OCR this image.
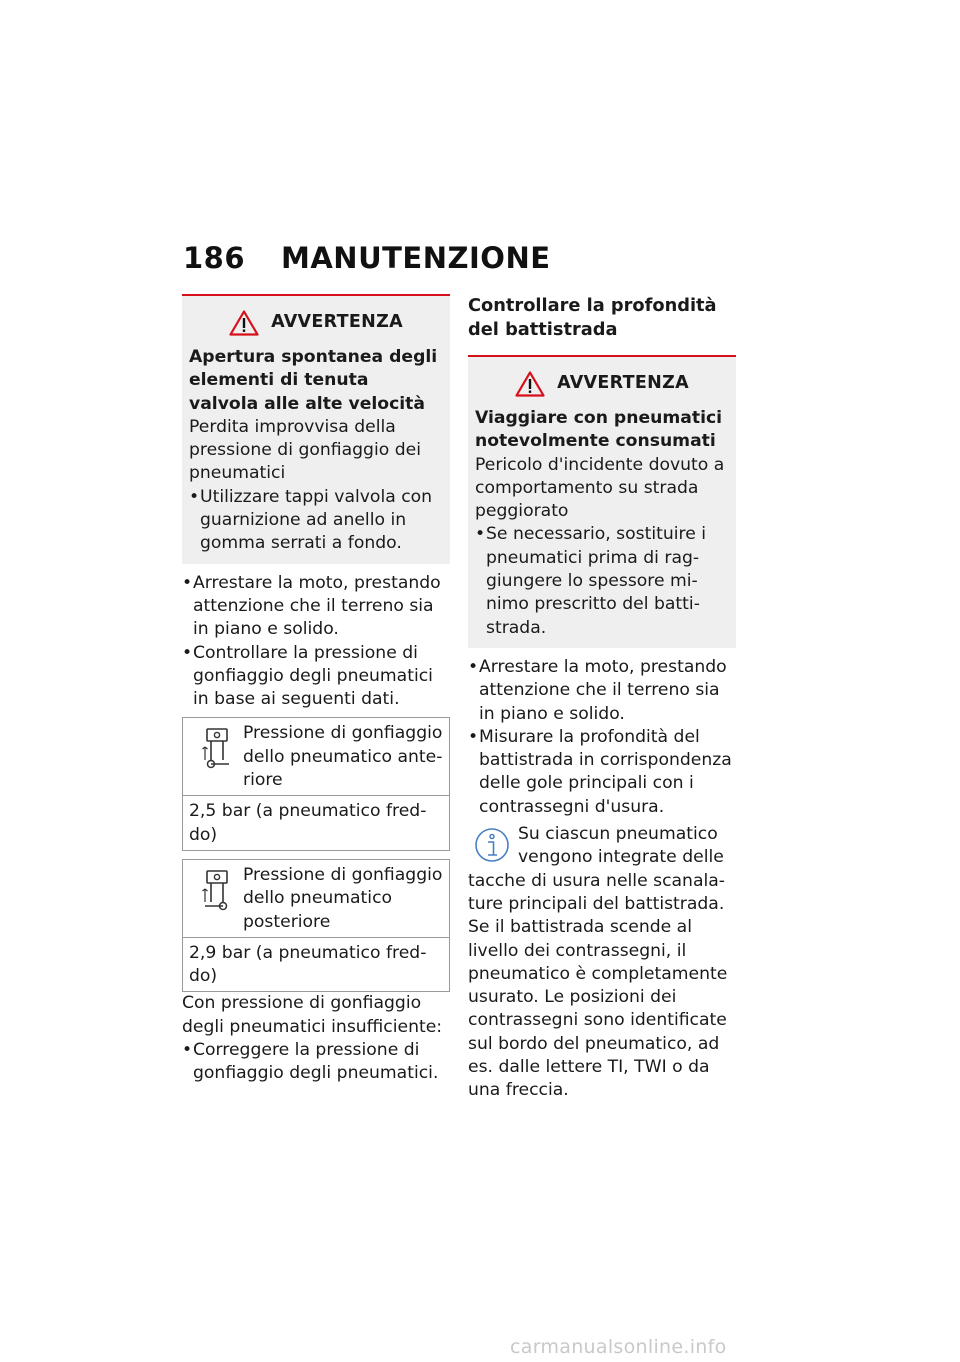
186 MANUTENZIONE
AVVERTENZA
Apertura spontanea degli elementi di tenuta valvola alle alte velocità
Perdita improvvisa della pressione di gonfiaggio dei pneumatici
• Utilizzare tappi valvola con guarnizione ad anello in gomma serrati a fondo.
• Arrestare la moto, prestando attenzione che il terreno sia in piano e solido.
• Controllare la pressione di gonfiaggio degli pneumatici in base ai seguenti dati.
Pressione di gonfiaggio dello pneumatico anteriore
2,5 bar (a pneumatico freddo)
Pressione di gonfiaggio dello pneumatico posteriore
2,9 bar (a pneumatico freddo)
Con pressione di gonfiaggio degli pneumatici insufficiente:
• Correggere la pressione di gonfiaggio degli pneumatici.
Controllare la profondità del battistrada
AVVERTENZA
Viaggiare con pneumatici notevolmente consumati
Pericolo d'incidente dovuto a comportamento su strada peggiorato
• Se necessario, sostituire i pneumatici prima di raggiungere lo spessore minimo prescritto del battistrada.
• Arrestare la moto, prestando attenzione che il terreno sia in piano e solido.
• Misurare la profondità del battistrada in corrispondenza delle gole principali con i contrassegni d'usura.
Su ciascun pneumatico vengono integrate delle tacche di usura nelle scanalature principali del battistrada. Se il battistrada scende al livello dei contrassegni, il pneumatico è completamente usurato. Le posizioni dei contrassegni sono identificate sul bordo del pneumatico, ad es. dalle lettere TI, TWI o da una freccia.
carmanualsonline.info
